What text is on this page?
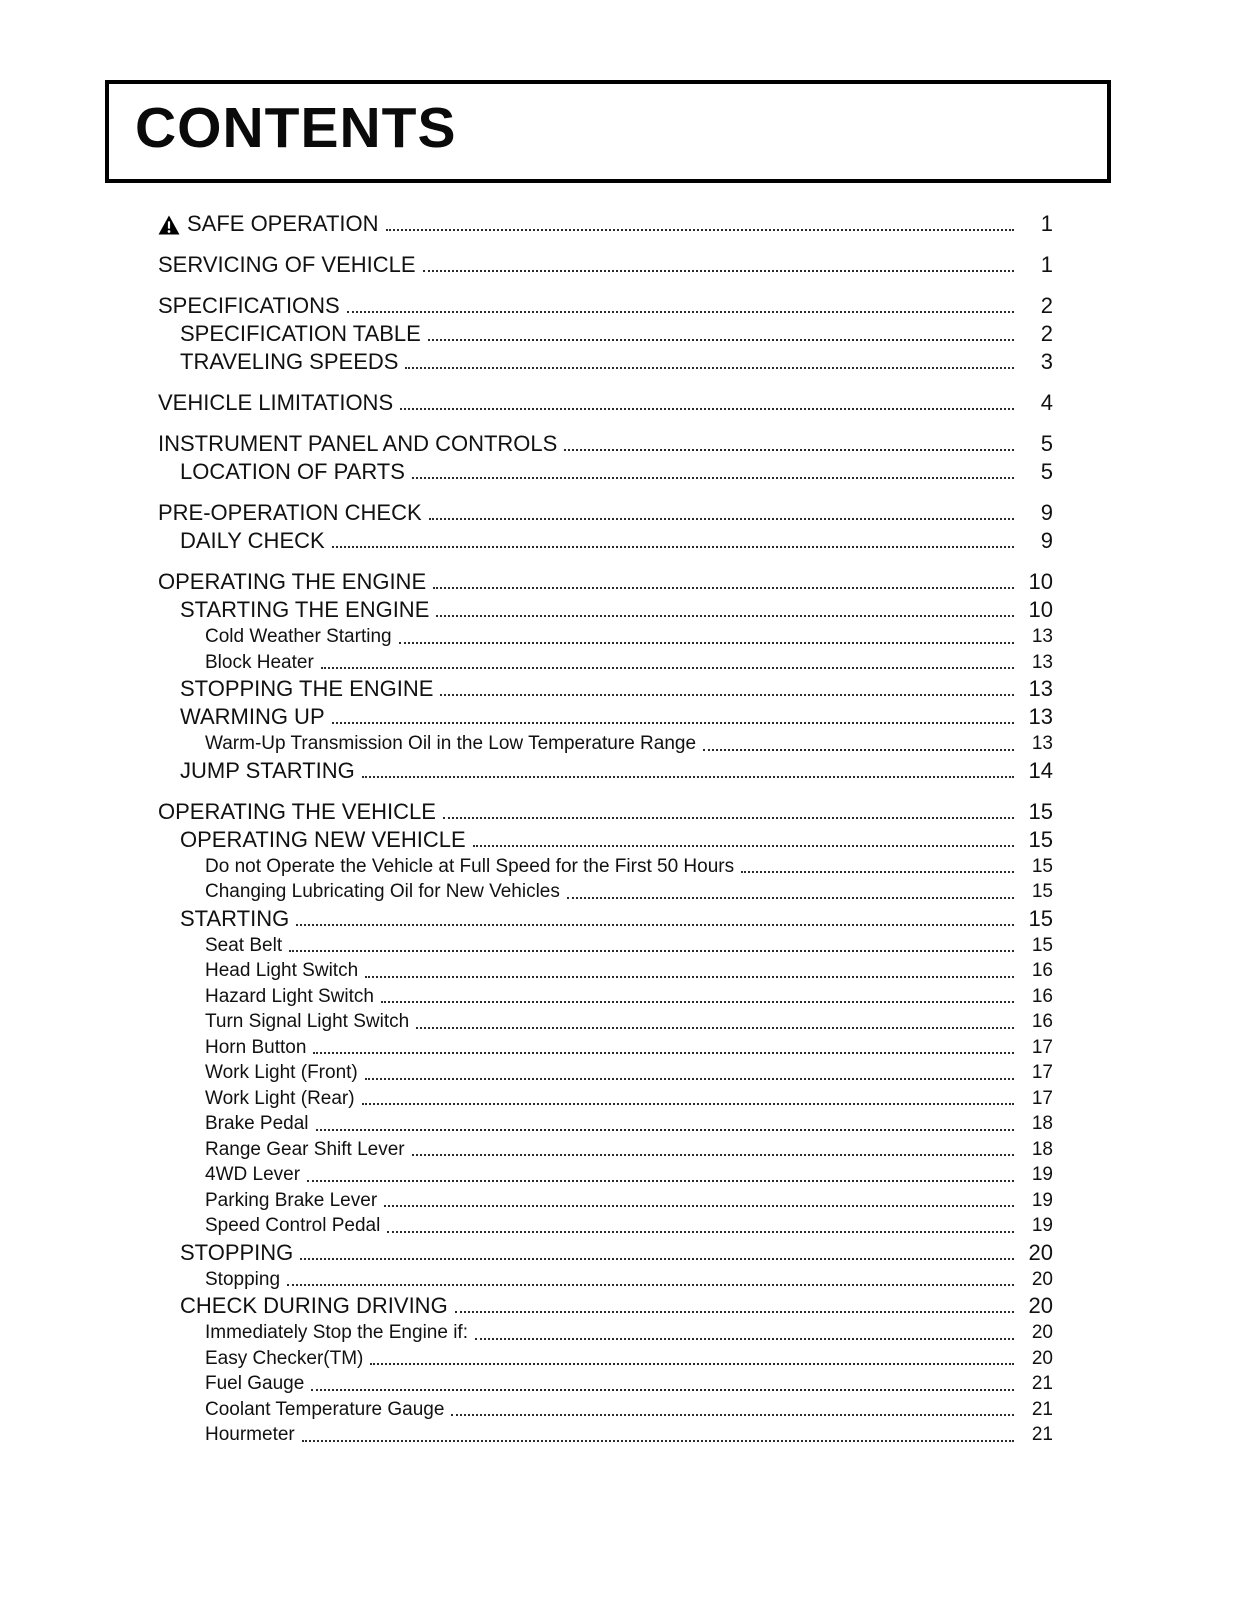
CONTENTS
SAFE OPERATION	1
SERVICING OF VEHICLE	1
SPECIFICATIONS	2
SPECIFICATION TABLE	2
TRAVELING SPEEDS	3
VEHICLE LIMITATIONS	4
INSTRUMENT PANEL AND CONTROLS	5
LOCATION OF PARTS	5
PRE-OPERATION CHECK	9
DAILY CHECK	9
OPERATING THE ENGINE	10
STARTING THE ENGINE	10
Cold Weather Starting	13
Block Heater	13
STOPPING THE ENGINE	13
WARMING UP	13
Warm-Up Transmission Oil in the Low Temperature Range	13
JUMP STARTING	14
OPERATING THE VEHICLE	15
OPERATING NEW VEHICLE	15
Do not Operate the Vehicle at Full Speed for the First 50 Hours	15
Changing Lubricating Oil for New Vehicles	15
STARTING	15
Seat Belt	15
Head Light Switch	16
Hazard Light Switch	16
Turn Signal Light Switch	16
Horn Button	17
Work Light (Front)	17
Work Light (Rear)	17
Brake Pedal	18
Range Gear Shift Lever	18
4WD Lever	19
Parking Brake Lever	19
Speed Control Pedal	19
STOPPING	20
Stopping	20
CHECK DURING DRIVING	20
Immediately Stop the Engine if:	20
Easy Checker(TM)	20
Fuel Gauge	21
Coolant Temperature Gauge	21
Hourmeter	21
